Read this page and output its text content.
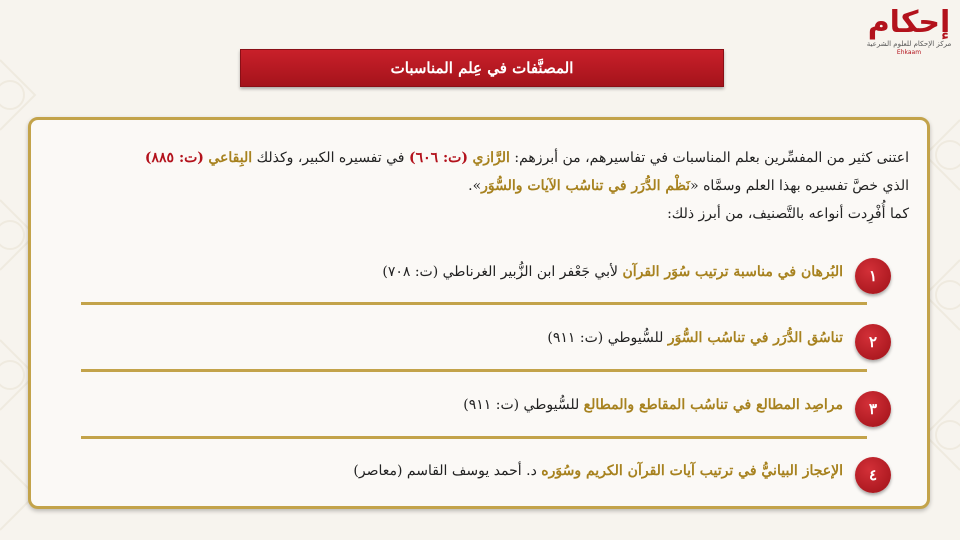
إحكام
مركز الإحكام للعلوم الشرعية
Ehkaam
المصنَّفات في عِلم المناسبات
اعتنى كثير من المفسِّرين بعلم المناسبات في تفاسيرهم، من أبرزهم: الرَّازي (ت: ٦٠٦) في تفسيره الكبير، وكذلك البِقاعي (ت: ٨٨٥)
الذي خصَّ تفسيره بهذا العلم وسمَّاه «نَظْم الدُّرَر في تناسُب الآيات والسُّوَر».
كما أُفْرِدت أنواعه بالتَّصنيف، من أبرز ذلك:
١
البُرهان في مناسبة ترتيب سُوَر القرآن لأبي جَعْفر ابن الزُّبير الغرناطي (ت: ٧٠٨)
٢
تناسُق الدُّرَر في تناسُب السُّوَر للسُّيوطي (ت: ٩١١)
٣
مراصِد المطالع في تناسُب المقاطع والمطالع للسُّيوطي (ت: ٩١١)
٤
الإعجاز البيانيُّ في ترتيب آيات القرآن الكريم وسُوَره د. أحمد يوسف القاسم (معاصر)
